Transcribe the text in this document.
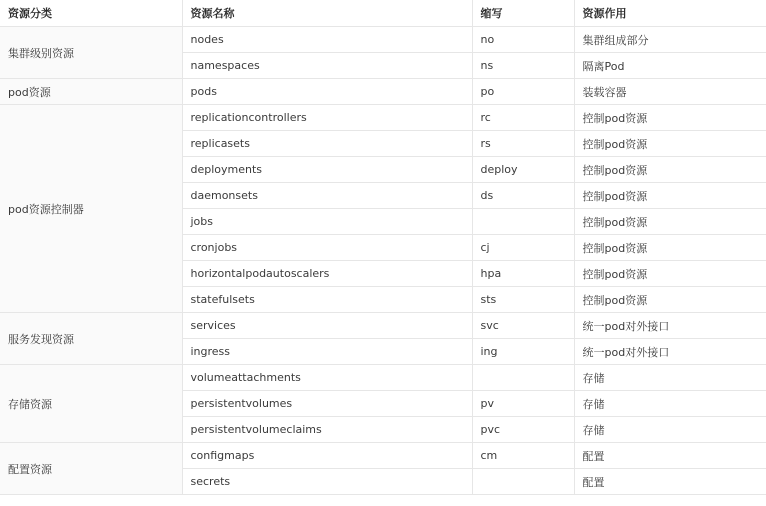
资源分类	资源名称	缩写	资源作用
集群级别资源	nodes	no	集群组成部分
	namespaces	ns	隔离Pod
pod资源	pods	po	装载容器
pod资源控制器	replicationcontrollers	rc	控制pod资源
	replicasets	rs	控制pod资源
	deployments	deploy	控制pod资源
	daemonsets	ds	控制pod资源
	jobs		控制pod资源
	cronjobs	cj	控制pod资源
	horizontalpodautoscalers	hpa	控制pod资源
	statefulsets	sts	控制pod资源
服务发现资源	services	svc	统一pod对外接口
	ingress	ing	统一pod对外接口
存储资源	volumeattachments		存储
	persistentvolumes	pv	存储
	persistentvolumeclaims	pvc	存储
配置资源	configmaps	cm	配置
	secrets		配置
